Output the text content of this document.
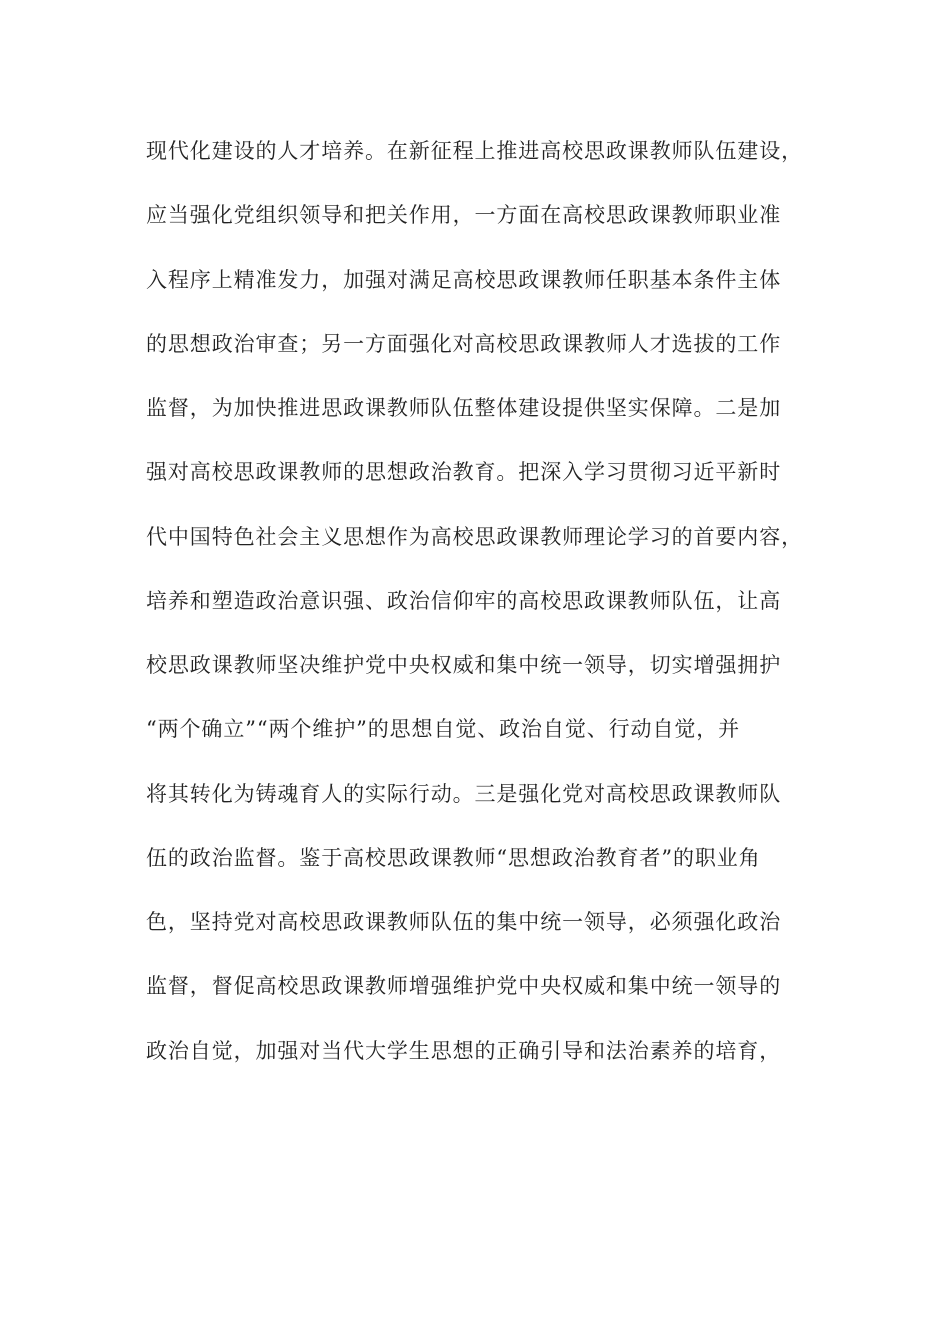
现代化建设的人才培养。在新征程上推进高校思政课教师队伍建设，
应当强化党组织领导和把关作用，一方面在高校思政课教师职业准
入程序上精准发力，加强对满足高校思政课教师任职基本条件主体
的思想政治审查；另一方面强化对高校思政课教师人才选拔的工作
监督，为加快推进思政课教师队伍整体建设提供坚实保障。二是加
强对高校思政课教师的思想政治教育。把深入学习贯彻习近平新时
代中国特色社会主义思想作为高校思政课教师理论学习的首要内容，
培养和塑造政治意识强、政治信仰牢的高校思政课教师队伍，让高
校思政课教师坚决维护党中央权威和集中统一领导，切实增强拥护
“两个确立”“两个维护”的思想自觉、政治自觉、行动自觉，并
将其转化为铸魂育人的实际行动。三是强化党对高校思政课教师队
伍的政治监督。鉴于高校思政课教师“思想政治教育者”的职业角
色，坚持党对高校思政课教师队伍的集中统一领导，必须强化政治
监督，督促高校思政课教师增强维护党中央权威和集中统一领导的
政治自觉，加强对当代大学生思想的正确引导和法治素养的培育，
